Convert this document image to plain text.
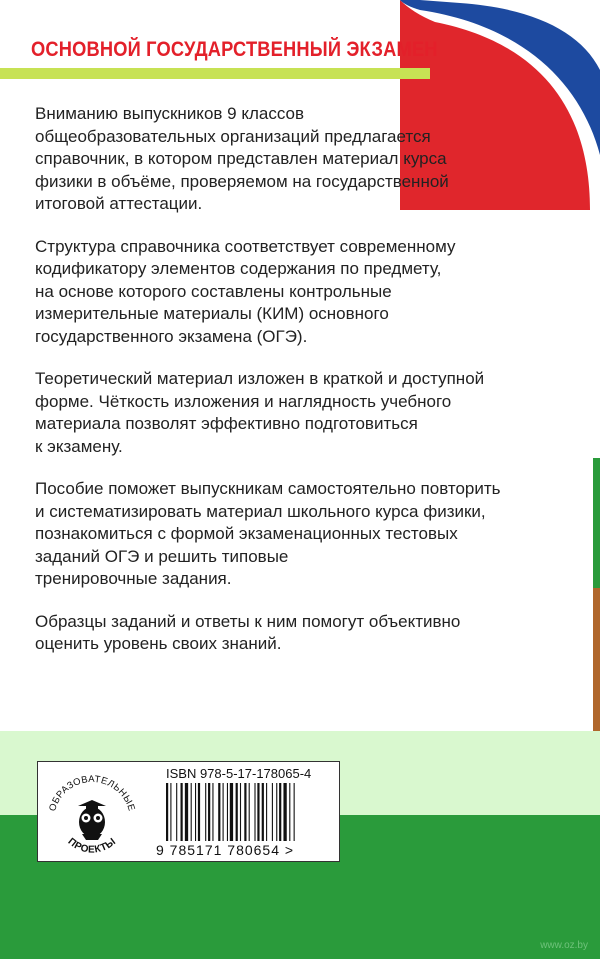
ОСНОВНОЙ ГОСУДАРСТВЕННЫЙ ЭКЗАМЕН

Вниманию выпускников 9 классов
общеобразовательных организаций предлагается
справочник, в котором представлен материал курса
физики в объёме, проверяемом на государственной
итоговой аттестации.

Структура справочника соответствует современному
кодификатору элементов содержания по предмету,
на основе которого составлены контрольные
измерительные материалы (КИМ) основного
государственного экзамена (ОГЭ).

Теоретический материал изложен в краткой и доступной
форме. Чёткость изложения и наглядность учебного
материала позволят эффективно подготовиться
к экзамену.

Пособие поможет выпускникам самостоятельно повторить
и систематизировать материал школьного курса физики,
познакомиться с формой экзаменационных тестовых
заданий ОГЭ и решить типовые
тренировочные задания.

Образцы заданий и ответы к ним помогут объективно
оценить уровень своих знаний.

ОБРАЗОВАТЕЛЬНЫЕ
ПРОЕКТЫ
ISBN 978-5-17-178065-4
9 785171 780654 >
www.oz.by
